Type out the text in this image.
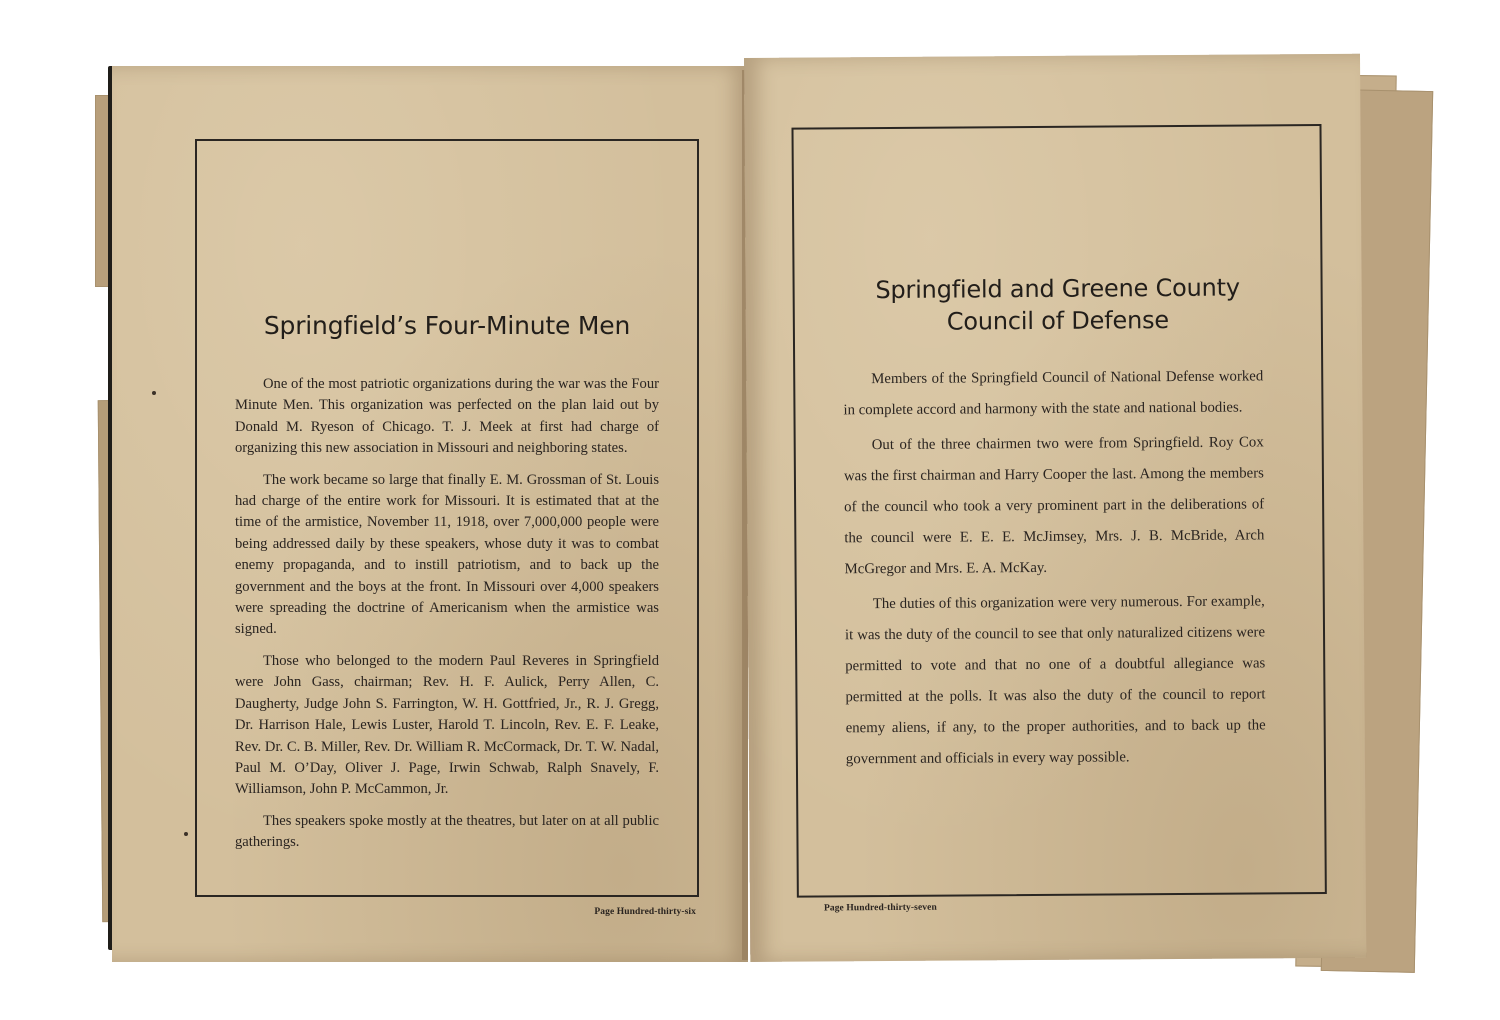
Springfield’s Four-Minute Men

One of the most patriotic organizations during the war was the Four Minute Men. This organization was perfected on the plan laid out by Donald M. Ryeson of Chicago. T. J. Meek at first had charge of organizing this new association in Missouri and neighboring states.

The work became so large that finally E. M. Grossman of St. Louis had charge of the entire work for Missouri. It is estimated that at the time of the armistice, November 11, 1918, over 7,000,000 people were being addressed daily by these speakers, whose duty it was to combat enemy propaganda, and to instill patriotism, and to back up the government and the boys at the front. In Missouri over 4,000 speakers were spreading the doctrine of Americanism when the armistice was signed.

Those who belonged to the modern Paul Reveres in Springfield were John Gass, chairman; Rev. H. F. Aulick, Perry Allen, C. Daugherty, Judge John S. Farrington, W. H. Gottfried, Jr., R. J. Gregg, Dr. Harrison Hale, Lewis Luster, Harold T. Lincoln, Rev. E. F. Leake, Rev. Dr. C. B. Miller, Rev. Dr. William R. McCormack, Dr. T. W. Nadal, Paul M. O’Day, Oliver J. Page, Irwin Schwab, Ralph Snavely, F. Williamson, John P. McCammon, Jr.

Thes speakers spoke mostly at the theatres, but later on at all public gatherings.

Page Hundred-thirty-six
Springfield and Greene County
Council of Defense

Members of the Springfield Council of National Defense worked in complete accord and harmony with the state and national bodies.

Out of the three chairmen two were from Springfield. Roy Cox was the first chairman and Harry Cooper the last. Among the members of the council who took a very prominent part in the deliberations of the council were E. E. E. McJimsey, Mrs. J. B. McBride, Arch McGregor and Mrs. E. A. McKay.

The duties of this organization were very numerous. For example, it was the duty of the council to see that only naturalized citizens were permitted to vote and that no one of a doubtful allegiance was permitted at the polls. It was also the duty of the council to report enemy aliens, if any, to the proper authorities, and to back up the government and officials in every way possible.

Page Hundred-thirty-seven
